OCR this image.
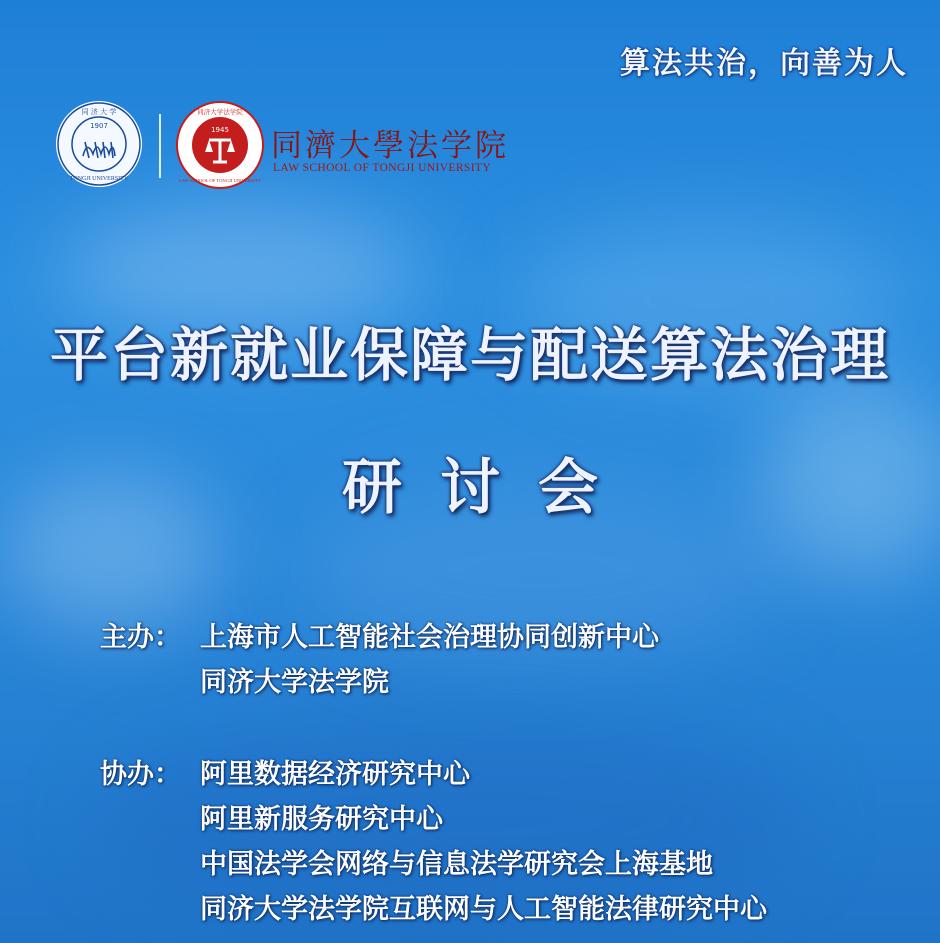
算法共治，向善为人
同 济 大 学
1907
TONGJI UNIVERSITY
同济大学法学院
1945
LAW SCHOOL OF TONGJI UNIVERSITY
同濟大學法学院
LAW SCHOOL OF TONGJI UNIVERSITY
平台新就业保障与配送算法治理
研讨会
主办： 上海市人工智能社会治理协同创新中心
同济大学法学院
协办： 阿里数据经济研究中心
阿里新服务研究中心
中国法学会网络与信息法学研究会上海基地
同济大学法学院互联网与人工智能法律研究中心
